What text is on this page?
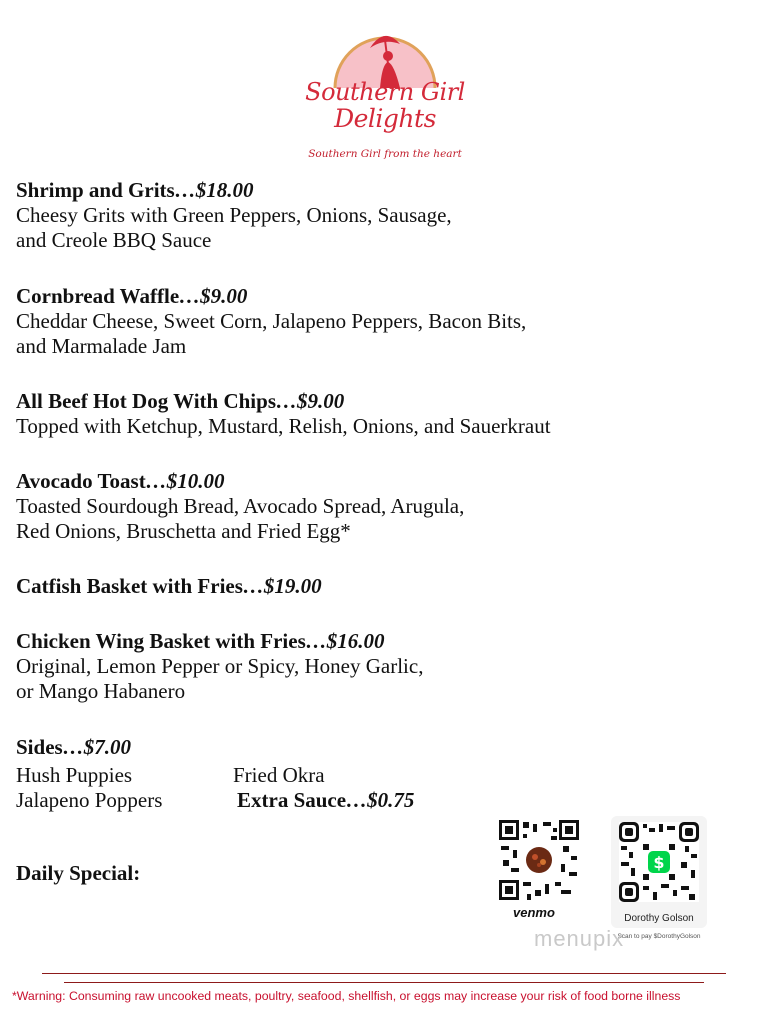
Southern Girl
Delights
Southern Girl from the heart
Shrimp and Grits…$18.00
Cheesy Grits with Green Peppers, Onions, Sausage,
and Creole BBQ Sauce
Cornbread Waffle…$9.00
Cheddar Cheese, Sweet Corn, Jalapeno Peppers, Bacon Bits,
and Marmalade Jam
All Beef Hot Dog With Chips…$9.00
Topped with Ketchup, Mustard, Relish, Onions, and Sauerkraut
Avocado Toast…$10.00
Toasted Sourdough Bread, Avocado Spread, Arugula,
Red Onions, Bruschetta and Fried Egg*
Catfish Basket with Fries…$19.00
Chicken Wing Basket with Fries…$16.00
Original, Lemon Pepper or Spicy, Honey Garlic,
or Mango Habanero
Sides…$7.00
Hush Puppies
Jalapeno Poppers
Fried Okra
Extra Sauce…$0.75
Daily Special:
venmo
$
Dorothy Golson
Scan to pay $DorothyGolson
menupix
*Warning: Consuming raw uncooked meats, poultry, seafood, shellfish, or eggs may increase your risk of food borne illness
